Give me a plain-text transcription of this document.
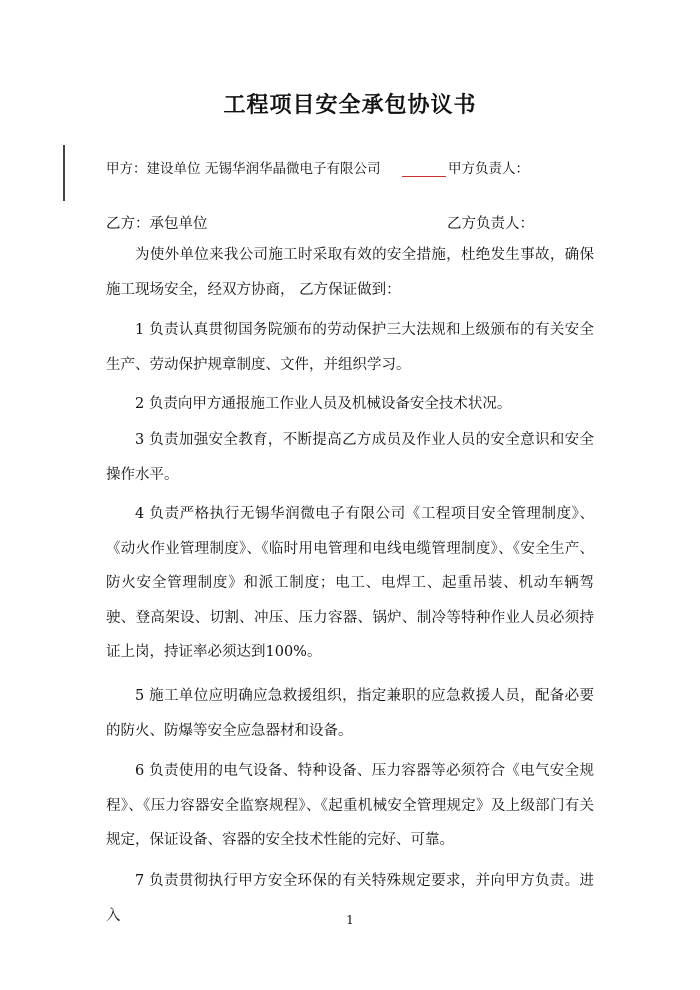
工程项目安全承包协议书
甲方：建设单位 无锡华润华晶微电子有限公司	甲方负责人：
乙方：承包单位	乙方负责人：

为使外单位来我公司施工时采取有效的安全措施，杜绝发生事故，确保施工现场安全，经双方协商， 乙方保证做到：

1 负责认真贯彻国务院颁布的劳动保护三大法规和上级颁布的有关安全生产、劳动保护规章制度、文件，并组织学习。

2 负责向甲方通报施工作业人员及机械设备安全技术状况。

3 负责加强安全教育，不断提高乙方成员及作业人员的安全意识和安全操作水平。

4 负责严格执行无锡华润微电子有限公司《工程项目安全管理制度》、《动火作业管理制度》、《临时用电管理和电线电缆管理制度》、《安全生产、防火安全管理制度》和派工制度；电工、电焊工、起重吊装、机动车辆驾驶、登高架设、切割、冲压、压力容器、锅炉、制冷等特种作业人员必须持证上岗，持证率必须达到100%。

5 施工单位应明确应急救援组织，指定兼职的应急救援人员，配备必要的防火、防爆等安全应急器材和设备。

6 负责使用的电气设备、特种设备、压力容器等必须符合《电气安全规程》、《压力容器安全监察规程》、《起重机械安全管理规定》及上级部门有关规定，保证设备、容器的安全技术性能的完好、可靠。

7 负责贯彻执行甲方安全环保的有关特殊规定要求，并向甲方负责。进入	1
